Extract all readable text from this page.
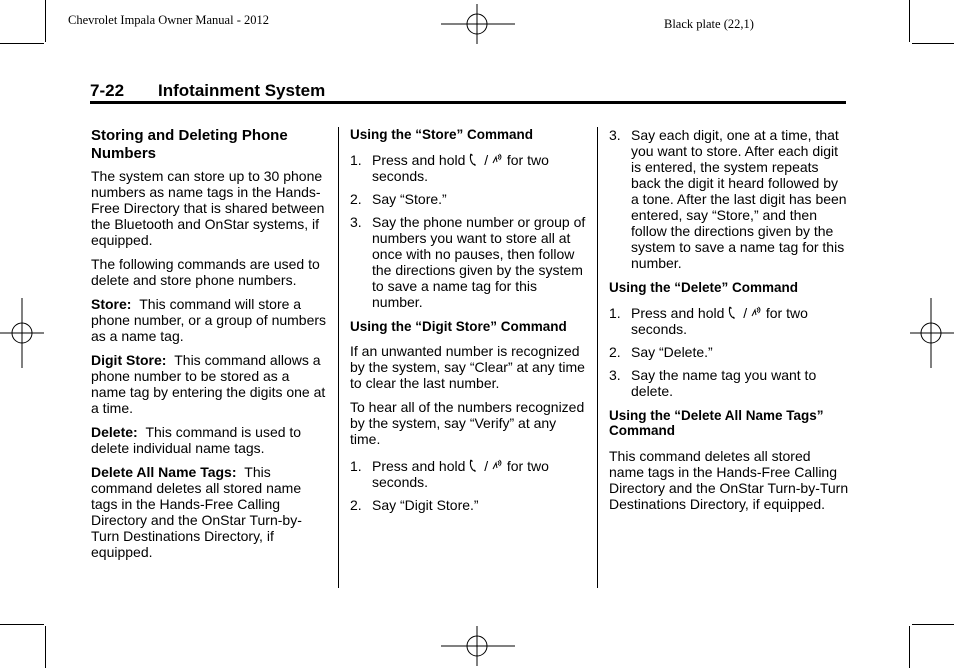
Chevrolet Impala Owner Manual - 2012	Black plate (22,1)
7-22 Infotainment System
Storing and Deleting Phone Numbers

The system can store up to 30 phone numbers as name tags in the Hands-Free Directory that is shared between the Bluetooth and OnStar systems, if equipped.

The following commands are used to delete and store phone numbers.

Store: This command will store a phone number, or a group of numbers as a name tag.

Digit Store: This command allows a phone number to be stored as a name tag by entering the digits one at a time.

Delete: This command is used to delete individual name tags.

Delete All Name Tags: This command deletes all stored name tags in the Hands-Free Calling Directory and the OnStar Turn-by-Turn Destinations Directory, if equipped.

Using the “Store” Command
1. Press and hold / for two seconds.
2. Say “Store.”
3. Say the phone number or group of numbers you want to store all at once with no pauses, then follow the directions given by the system to save a name tag for this number.
Using the “Digit Store” Command

If an unwanted number is recognized by the system, say “Clear” at any time to clear the last number.

To hear all of the numbers recognized by the system, say “Verify” at any time.

1. Press and hold / for two seconds.
2. Say “Digit Store.”
3. Say each digit, one at a time, that you want to store. After each digit is entered, the system repeats back the digit it heard followed by a tone. After the last digit has been entered, say “Store,” and then follow the directions given by the system to save a name tag for this number.
Using the “Delete” Command
1. Press and hold / for two seconds.
2. Say “Delete.”
3. Say the name tag you want to delete.
Using the “Delete All Name Tags” Command

This command deletes all stored name tags in the Hands-Free Calling Directory and the OnStar Turn-by-Turn Destinations Directory, if equipped.
